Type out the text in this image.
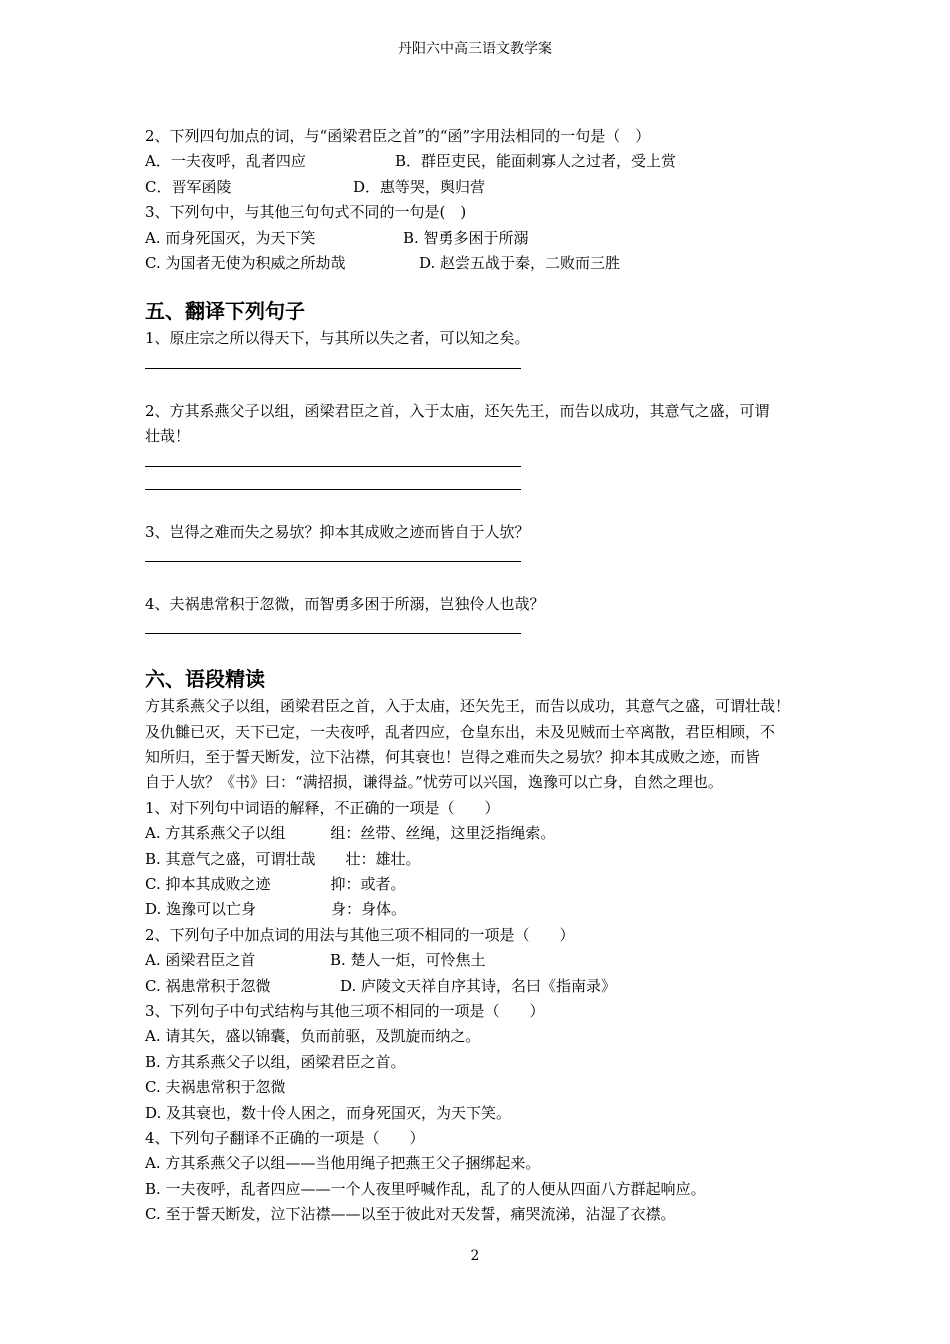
丹阳六中高三语文教学案
2、下列四句加点的词，与“函梁君臣之首”的“函”字用法相同的一句是（　）
A．一夫夜呼，乱者四应	B．群臣吏民，能面刺寡人之过者，受上赏
C．晋军函陵	D．惠等哭，舆归营
3、下列句中，与其他三句句式不同的一句是(　)
A. 而身死国灭，为天下笑	B. 智勇多困于所溺
C. 为国者无使为积威之所劫哉	D. 赵尝五战于秦，二败而三胜
五、翻译下列句子
1、原庄宗之所以得天下，与其所以失之者，可以知之矣。
2、方其系燕父子以组，函梁君臣之首，入于太庙，还矢先王，而告以成功，其意气之盛，可谓
壮哉！
3、岂得之难而失之易欤？抑本其成败之迹而皆自于人欤？
4、夫祸患常积于忽微，而智勇多困于所溺，岂独伶人也哉？
六、语段精读
方其系燕父子以组，函梁君臣之首，入于太庙，还矢先王，而告以成功，其意气之盛，可谓壮哉！
及仇雠已灭，天下已定，一夫夜呼，乱者四应，仓皇东出，未及见贼而士卒离散，君臣相顾，不
知所归，至于誓天断发，泣下沾襟，何其衰也！岂得之难而失之易欤？抑本其成败之迹，而皆
自于人欤？《书》曰：“满招损，谦得益。”忧劳可以兴国，逸豫可以亡身，自然之理也。
1、对下列句中词语的解释，不正确的一项是（　　）
A. 方其系燕父子以组　　　组：丝带、丝绳，这里泛指绳索。
B. 其意气之盛，可谓壮哉　　壮：雄壮。
C. 抑本其成败之迹　　　　抑：或者。
D. 逸豫可以亡身　　　　　身：身体。
2、下列句子中加点词的用法与其他三项不相同的一项是（　　）
A. 函梁君臣之首	B. 楚人一炬，可怜焦土
C. 祸患常积于忽微	D. 庐陵文天祥自序其诗，名曰《指南录》
3、下列句子中句式结构与其他三项不相同的一项是（　　）
A. 请其矢，盛以锦囊，负而前驱，及凯旋而纳之。
B. 方其系燕父子以组，函梁君臣之首。
C. 夫祸患常积于忽微
D. 及其衰也，数十伶人困之，而身死国灭，为天下笑。
4、下列句子翻译不正确的一项是（　　）
A. 方其系燕父子以组——当他用绳子把燕王父子捆绑起来。
B. 一夫夜呼，乱者四应——一个人夜里呼喊作乱，乱了的人便从四面八方群起响应。
C. 至于誓天断发，泣下沾襟——以至于彼此对天发誓，痛哭流涕，沾湿了衣襟。
2
